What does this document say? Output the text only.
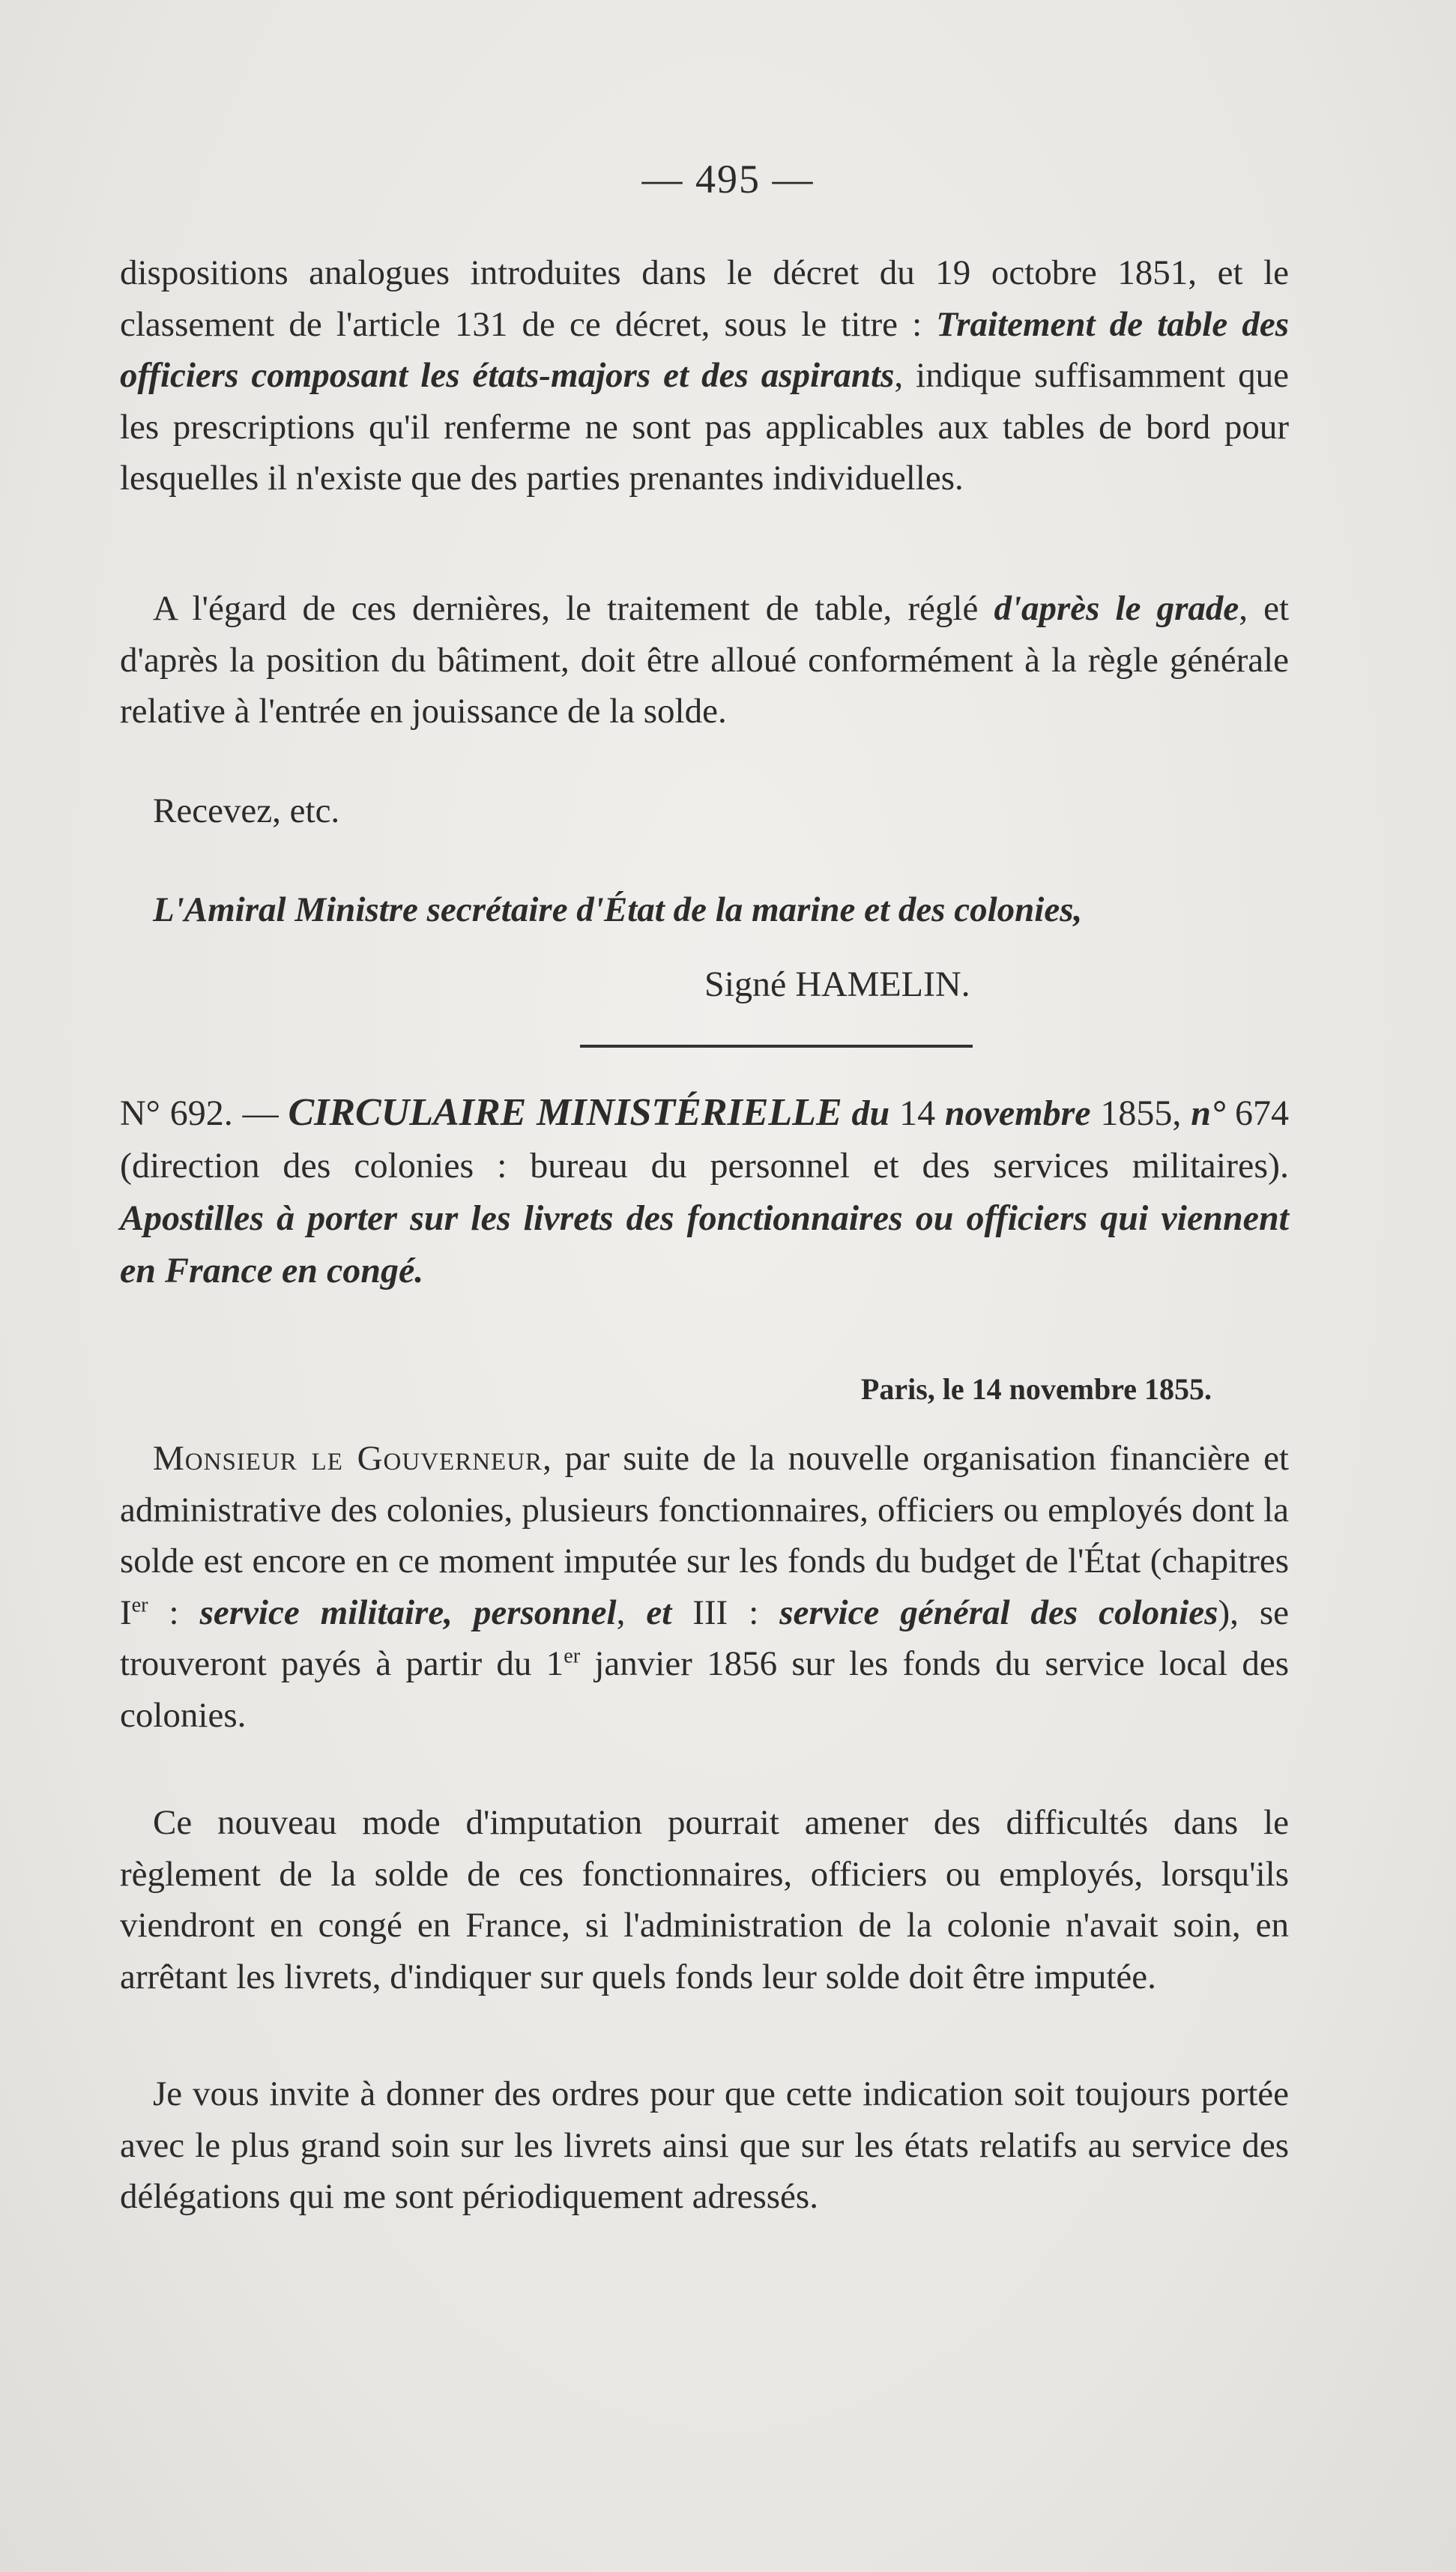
— 495 —
dispositions analogues introduites dans le décret du 19 octobre 1851, et le classement de l'article 131 de ce décret, sous le titre : Traitement de table des officiers composant les états-majors et des aspirants, indique suffisamment que les prescriptions qu'il renferme ne sont pas applicables aux tables de bord pour lesquelles il n'existe que des parties prenantes individuelles.
A l'égard de ces dernières, le traitement de table, réglé d'après le grade, et d'après la position du bâtiment, doit être alloué conformément à la règle générale relative à l'entrée en jouissance de la solde.
Recevez, etc.
L'Amiral Ministre secrétaire d'État de la marine et des colonies,
Signé HAMELIN.
N° 692. — CIRCULAIRE MINISTÉRIELLE du 14 novembre 1855, n° 674 (direction des colonies : bureau du personnel et des services militaires). Apostilles à porter sur les livrets des fonctionnaires ou officiers qui viennent en France en congé.
Paris, le 14 novembre 1855.
Monsieur le Gouverneur, par suite de la nouvelle organisation financière et administrative des colonies, plusieurs fonctionnaires, officiers ou employés dont la solde est encore en ce moment imputée sur les fonds du budget de l'État (chapitres Ier : service militaire, personnel, et III : service général des colonies), se trouveront payés à partir du 1er janvier 1856 sur les fonds du service local des colonies.
Ce nouveau mode d'imputation pourrait amener des difficultés dans le règlement de la solde de ces fonctionnaires, officiers ou employés, lorsqu'ils viendront en congé en France, si l'administration de la colonie n'avait soin, en arrêtant les livrets, d'indiquer sur quels fonds leur solde doit être imputée.
Je vous invite à donner des ordres pour que cette indication soit toujours portée avec le plus grand soin sur les livrets ainsi que sur les états relatifs au service des délégations qui me sont périodiquement adressés.
